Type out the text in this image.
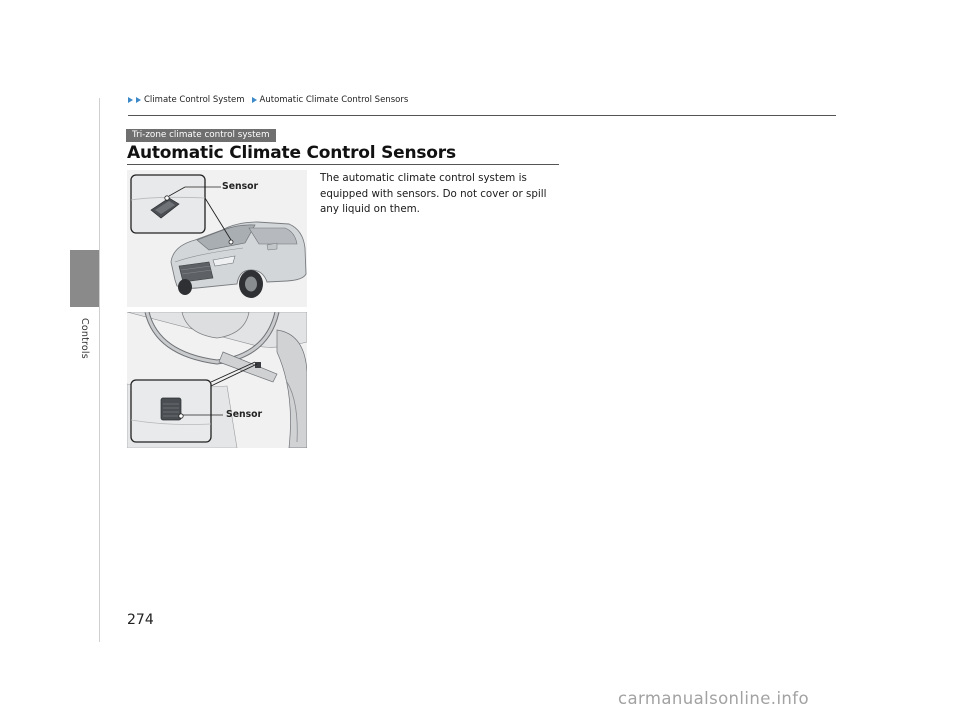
Controls
Climate Control System Automatic Climate Control Sensors
Tri-zone climate control system
Automatic Climate Control Sensors
The automatic climate control system is equipped with sensors. Do not cover or spill any liquid on them.
Sensor
Sensor
274
carmanualsonline.info
